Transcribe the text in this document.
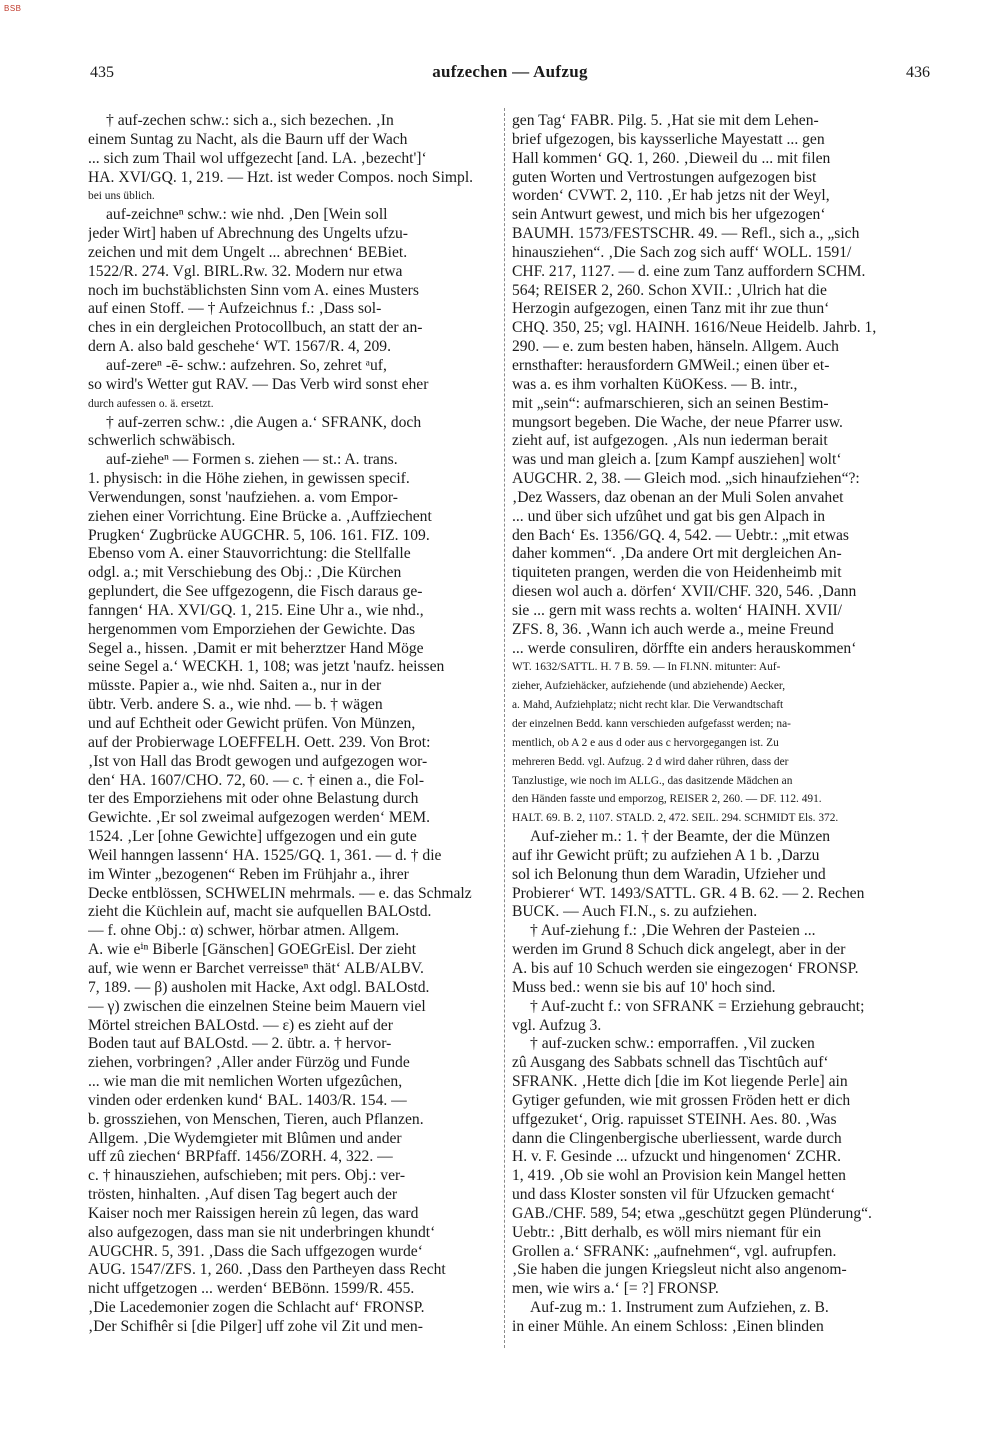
BSB
435	aufzechen — Aufzug	436
† auf-zechen schw.: sich a., sich bezechen. ‚In
einem Suntag zu Nacht, als die Baurn uff der Wach
... sich zum Thail wol uffgezecht [and. LA. ‚bezecht']‘
HA. XVI/GQ. 1, 219. — Hzt. ist weder Compos. noch Simpl.
bei uns üblich.
auf-zeichneⁿ schw.: wie nhd. ‚Den [Wein soll
jeder Wirt] haben uf Abrechnung des Ungelts ufzu-
zeichen und mit dem Ungelt ... abrechnen‘ BEBiet.
1522/R. 274. Vgl. BIRL.Rw. 32. Modern nur etwa
noch im buchstäblichsten Sinn vom A. eines Musters
auf einen Stoff. — † Aufzeichnus f.: ‚Dass sol-
ches in ein dergleichen Protocollbuch, an statt der an-
dern A. also bald geschehe‘ WT. 1567/R. 4, 209.
auf-zereⁿ -ē- schw.: aufzehren. So, zehret ᵃuf,
so wird's Wetter gut RAV. — Das Verb wird sonst eher
durch aufessen o. ä. ersetzt.
† auf-zerren schw.: ‚die Augen a.‘ SFRANK, doch
schwerlich schwäbisch.
auf-zieheⁿ — Formen s. ziehen — st.: A. trans.
1. physisch: in die Höhe ziehen, in gewissen specif.
Verwendungen, sonst 'naufziehen. a. vom Empor-
ziehen einer Vorrichtung. Eine Brücke a. ‚Auffziechent
Prugken‘ Zugbrücke AUGCHR. 5, 106. 161. FIZ. 109.
Ebenso vom A. einer Stauvorrichtung: die Stellfalle
odgl. a.; mit Verschiebung des Obj.: ‚Die Kürchen
geplundert, die See uffgezogenn, die Fisch daraus ge-
fanngen‘ HA. XVI/GQ. 1, 215. Eine Uhr a., wie nhd.,
hergenommen vom Emporziehen der Gewichte. Das
Segel a., hissen. ‚Damit er mit beherztzer Hand Möge
seine Segel a.‘ WECKH. 1, 108; was jetzt 'naufz. heissen
müsste. Papier a., wie nhd. Saiten a., nur in der
übtr. Verb. andere S. a., wie nhd. — b. † wägen
und auf Echtheit oder Gewicht prüfen. Von Münzen,
auf der Probierwage LOEFFELH. Oett. 239. Von Brot:
‚Ist von Hall das Brodt gewogen und aufgezogen wor-
den‘ HA. 1607/CHO. 72, 60. — c. † einen a., die Fol-
ter des Emporziehens mit oder ohne Belastung durch
Gewichte. ‚Er sol zweimal aufgezogen werden‘ MEM.
1524. ‚Ler [ohne Gewichte] uffgezogen und ein gute
Weil hanngen lassenn‘ HA. 1525/GQ. 1, 361. — d. † die
im Winter „bezogenen“ Reben im Frühjahr a., ihrer
Decke entblössen, SCHWELIN mehrmals. — e. das Schmalz
zieht die Küchlein auf, macht sie aufquellen BALOstd.
— f. ohne Obj.: α) schwer, hörbar atmen. Allgem.
A. wie eⁱⁿ Biberle [Gänschen] GOEGrEisl. Der zieht
auf, wie wenn er Barchet verreisseⁿ thät‘ ALB/ALBV.
7, 189. — β) ausholen mit Hacke, Axt odgl. BALOstd.
— γ) zwischen die einzelnen Steine beim Mauern viel
Mörtel streichen BALOstd. — ε) es zieht auf der
Boden taut auf BALOstd. — 2. übtr. a. † hervor-
ziehen, vorbringen? ‚Aller ander Fürzög und Funde
... wie man die mit nemlichen Worten ufgezûchen,
vinden oder erdenken kund‘ BAL. 1403/R. 154. —
b. grossziehen, von Menschen, Tieren, auch Pflanzen.
Allgem. ‚Die Wydemgieter mit Blûmen und ander
uff zû ziechen‘ BRPfaff. 1456/ZORH. 4, 322. —
c. † hinausziehen, aufschieben; mit pers. Obj.: ver-
trösten, hinhalten. ‚Auf disen Tag begert auch der
Kaiser noch mer Raissigen herein zû legen, das ward
also aufgezogen, dass man sie nit underbringen khundt‘
AUGCHR. 5, 391. ‚Dass die Sach uffgezogen wurde‘
AUG. 1547/ZFS. 1, 260. ‚Dass den Partheyen dass Recht
nicht uffgetzogen ... werden‘ BEBönn. 1599/R. 455.
‚Die Lacedemonier zogen die Schlacht auf‘ FRONSP.
‚Der Schifhêr si [die Pilger] uff zohe vil Zit und men-
gen Tag‘ FABR. Pilg. 5. ‚Hat sie mit dem Lehen-
brief ufgezogen, bis kaysserliche Mayestatt ... gen
Hall kommen‘ GQ. 1, 260. ‚Dieweil du ... mit filen
guten Worten und Vertrostungen aufgezogen bist
worden‘ CVWT. 2, 110. ‚Er hab jetzs nit der Weyl,
sein Antwurt gewest, und mich bis her ufgezogen‘
BAUMH. 1573/FESTSCHR. 49. — Refl., sich a., „sich
hinausziehen“. ‚Die Sach zog sich auff‘ WOLL. 1591/
CHF. 217, 1127. — d. eine zum Tanz auffordern SCHM.
564; REISER 2, 260. Schon XVII.: ‚Ulrich hat die
Herzogin aufgezogen, einen Tanz mit ihr zue thun‘
CHQ. 350, 25; vgl. HAINH. 1616/Neue Heidelb. Jahrb. 1,
290. — e. zum besten haben, hänseln. Allgem. Auch
ernsthafter: herausfordern GMWeil.; einen über et-
was a. es ihm vorhalten KüOKess. — B. intr.,
mit „sein“: aufmarschieren, sich an seinen Bestim-
mungsort begeben. Die Wache, der neue Pfarrer usw.
zieht auf, ist aufgezogen. ‚Als nun iederman berait
was und man gleich a. [zum Kampf ausziehen] wolt‘
AUGCHR. 2, 38. — Gleich mod. „sich hinaufziehen“?:
‚Dez Wassers, daz obenan an der Muli Solen anvahet
... und über sich ufzûhet und gat bis gen Alpach in
den Bach‘ Es. 1356/GQ. 4, 542. — Uebtr.: „mit etwas
daher kommen“. ‚Da andere Ort mit dergleichen An-
tiquiteten prangen, werden die von Heidenheimb mit
diesen wol auch a. dörfen‘ XVII/CHF. 320, 546. ‚Dann
sie ... gern mit wass rechts a. wolten‘ HAINH. XVII/
ZFS. 8, 36. ‚Wann ich auch werde a., meine Freund
... werde consuliren, dörffte ein anders herauskommen‘
WT. 1632/SATTL. H. 7 B. 59. — In FI.NN. mitunter: Auf-
zieher, Aufziehäcker, aufziehende (und abziehende) Aecker,
a. Mahd, Aufziehplatz; nicht recht klar. Die Verwandtschaft
der einzelnen Bedd. kann verschieden aufgefasst werden; na-
mentlich, ob A 2 e aus d oder aus c hervorgegangen ist. Zu
mehreren Bedd. vgl. Aufzug. 2 d wird daher rühren, dass der
Tanzlustige, wie noch im ALLG., das dasitzende Mädchen an
den Händen fasste und emporzog, REISER 2, 260. — DF. 112. 491.
HALT. 69. B. 2, 1107. STALD. 2, 472. SEIL. 294. SCHMIDT Els. 372.
Auf-zieher m.: 1. † der Beamte, der die Münzen
auf ihr Gewicht prüft; zu aufziehen A 1 b. ‚Darzu
sol ich Belonung thun dem Waradin, Ufzieher und
Probierer‘ WT. 1493/SATTL. GR. 4 B. 62. — 2. Rechen
BUCK. — Auch FI.N., s. zu aufziehen.
† Auf-ziehung f.: ‚Die Wehren der Pasteien ...
werden im Grund 8 Schuch dick angelegt, aber in der
A. bis auf 10 Schuch werden sie eingezogen‘ FRONSP.
Muss bed.: wenn sie bis auf 10' hoch sind.
† Auf-zucht f.: von SFRANK = Erziehung gebraucht;
vgl. Aufzug 3.
† auf-zucken schw.: emporraffen. ‚Vil zucken
zû Ausgang des Sabbats schnell das Tischtûch auf‘
SFRANK. ‚Hette dich [die im Kot liegende Perle] ain
Gytiger gefunden, wie mit grossen Fröden hett er dich
uffgezuket‘, Orig. rapuisset STEINH. Aes. 80. ‚Was
dann die Clingenbergische uberliessent, warde durch
H. v. F. Gesinde ... ufzuckt und hingenomen‘ ZCHR.
1, 419. ‚Ob sie wohl an Provision kein Mangel hetten
und dass Kloster sonsten vil für Ufzucken gemacht‘
GAB./CHF. 589, 54; etwa „geschützt gegen Plünderung“.
Uebtr.: ‚Bitt derhalb, es wöll mirs niemant für ein
Grollen a.‘ SFRANK: „aufnehmen“, vgl. aufrupfen.
‚Sie haben die jungen Kriegsleut nicht also angenom-
men, wie wirs a.‘ [= ?] FRONSP.
Auf-zug m.: 1. Instrument zum Aufziehen, z. B.
in einer Mühle. An einem Schloss: ‚Einen blinden
